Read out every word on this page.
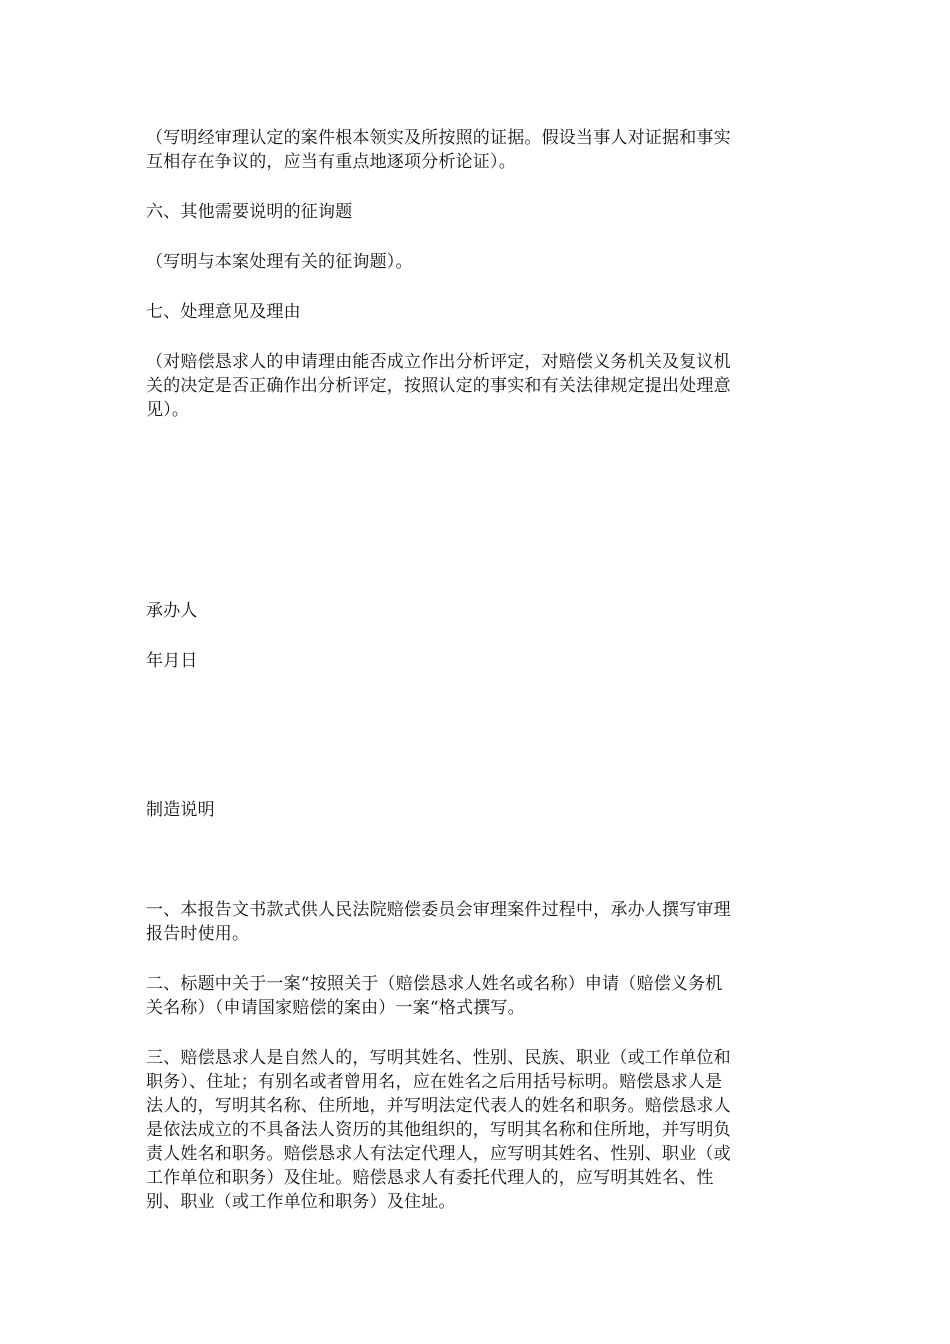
（写明经审理认定的案件根本领实及所按照的证据。假设当事人对证据和事实
互相存在争议的，应当有重点地逐项分析论证）。

六、其他需要说明的征询题

（写明与本案处理有关的征询题）。

七、处理意见及理由

（对赔偿恳求人的申请理由能否成立作出分析评定，对赔偿义务机关及复议机
关的决定是否正确作出分析评定，按照认定的事实和有关法律规定提出处理意
见）。

承办人

年月日

制造说明

一、本报告文书款式供人民法院赔偿委员会审理案件过程中，承办人撰写审理
报告时使用。

二、标题中关于一案“按照关于（赔偿恳求人姓名或名称）申请（赔偿义务机
关名称）（申请国家赔偿的案由）一案“格式撰写。

三、赔偿恳求人是自然人的，写明其姓名、性别、民族、职业（或工作单位和
职务）、住址；有别名或者曾用名，应在姓名之后用括号标明。赔偿恳求人是
法人的，写明其名称、住所地，并写明法定代表人的姓名和职务。赔偿恳求人
是依法成立的不具备法人资历的其他组织的，写明其名称和住所地，并写明负
责人姓名和职务。赔偿恳求人有法定代理人，应写明其姓名、性别、职业（或
工作单位和职务）及住址。赔偿恳求人有委托代理人的，应写明其姓名、性
别、职业（或工作单位和职务）及住址。
